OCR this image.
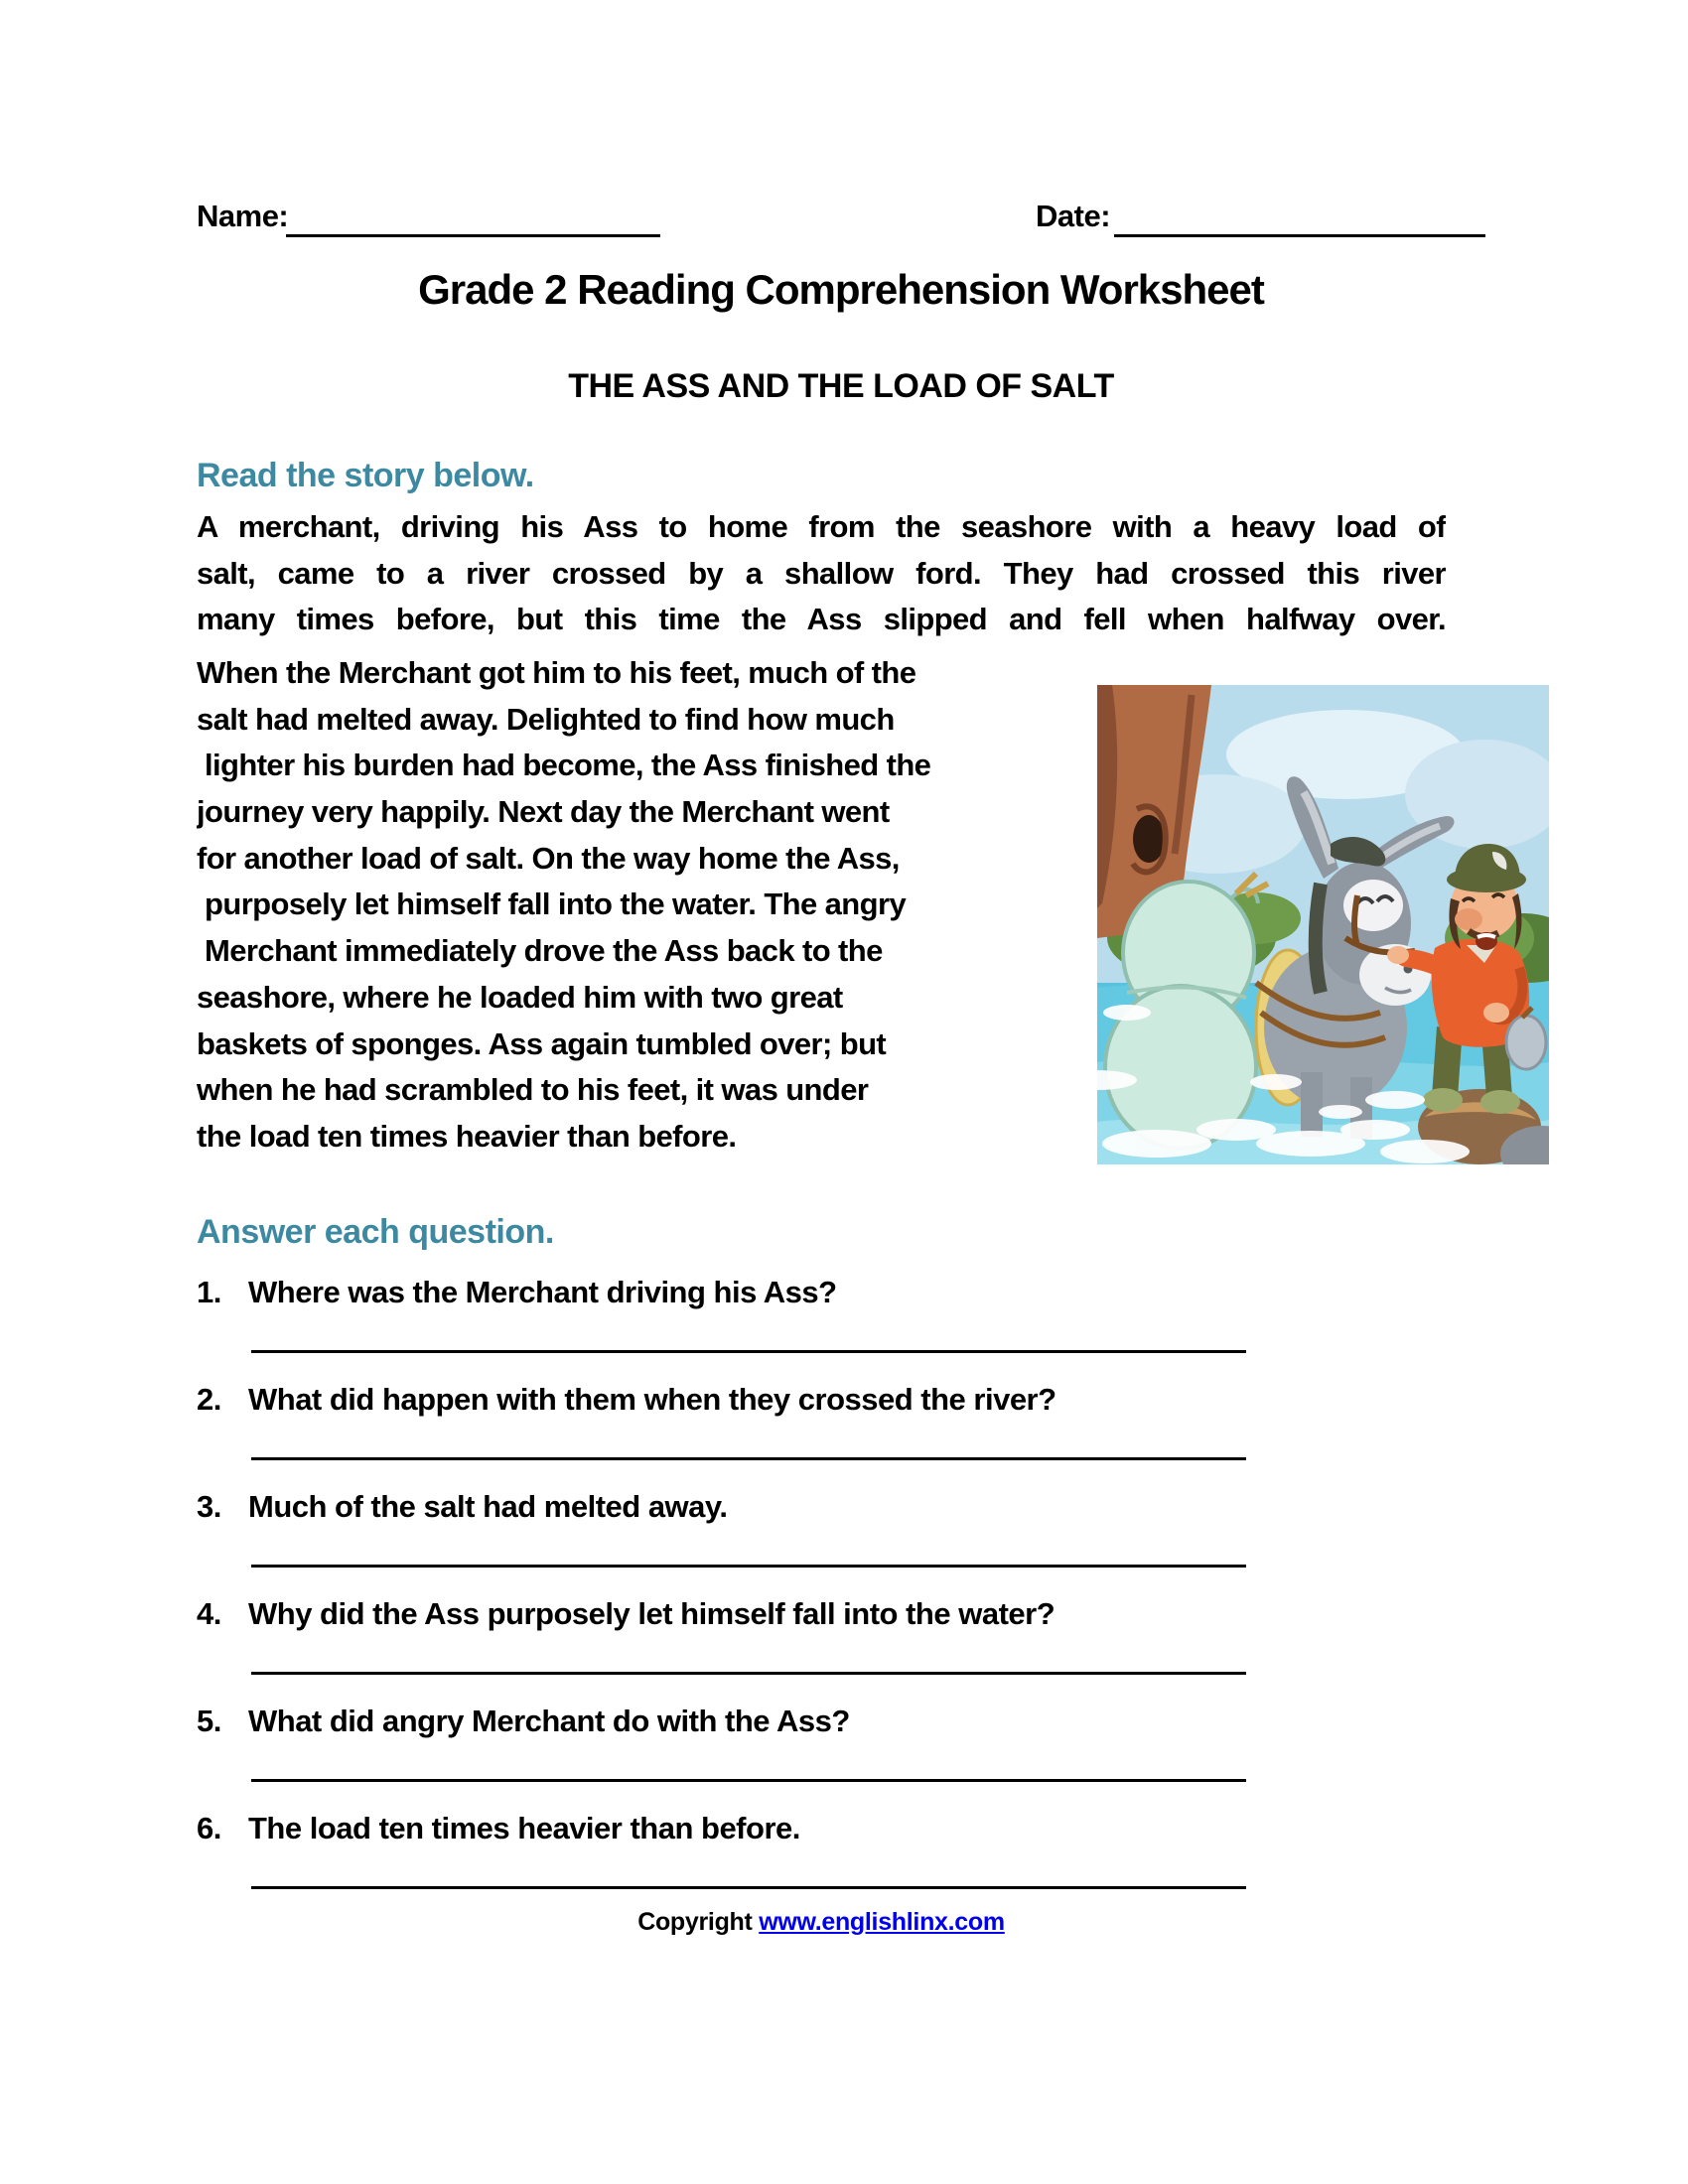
Name:	Date:
Grade 2 Reading Comprehension Worksheet
THE ASS AND THE LOAD OF SALT
Read the story below.
A merchant, driving his Ass to home from the seashore with a heavy load of
salt, came to a river crossed by a shallow ford. They had crossed this river
many times before, but this time the Ass slipped and fell when halfway over.
When the Merchant got him to his feet, much of the
salt had melted away. Delighted to find how much
lighter his burden had become, the Ass finished the
journey very happily. Next day the Merchant went
for another load of salt. On the way home the Ass,
purposely let himself fall into the water. The angry
Merchant immediately drove the Ass back to the
seashore, where he loaded him with two great
baskets of sponges. Ass again tumbled over; but
when he had scrambled to his feet, it was under
the load ten times heavier than before.
Answer each question.
1. Where was the Merchant driving his Ass?
2. What did happen with them when they crossed the river?
3. Much of the salt had melted away.
4. Why did the Ass purposely let himself fall into the water?
5. What did angry Merchant do with the Ass?
6. The load ten times heavier than before.
Copyright www.englishlinx.com
